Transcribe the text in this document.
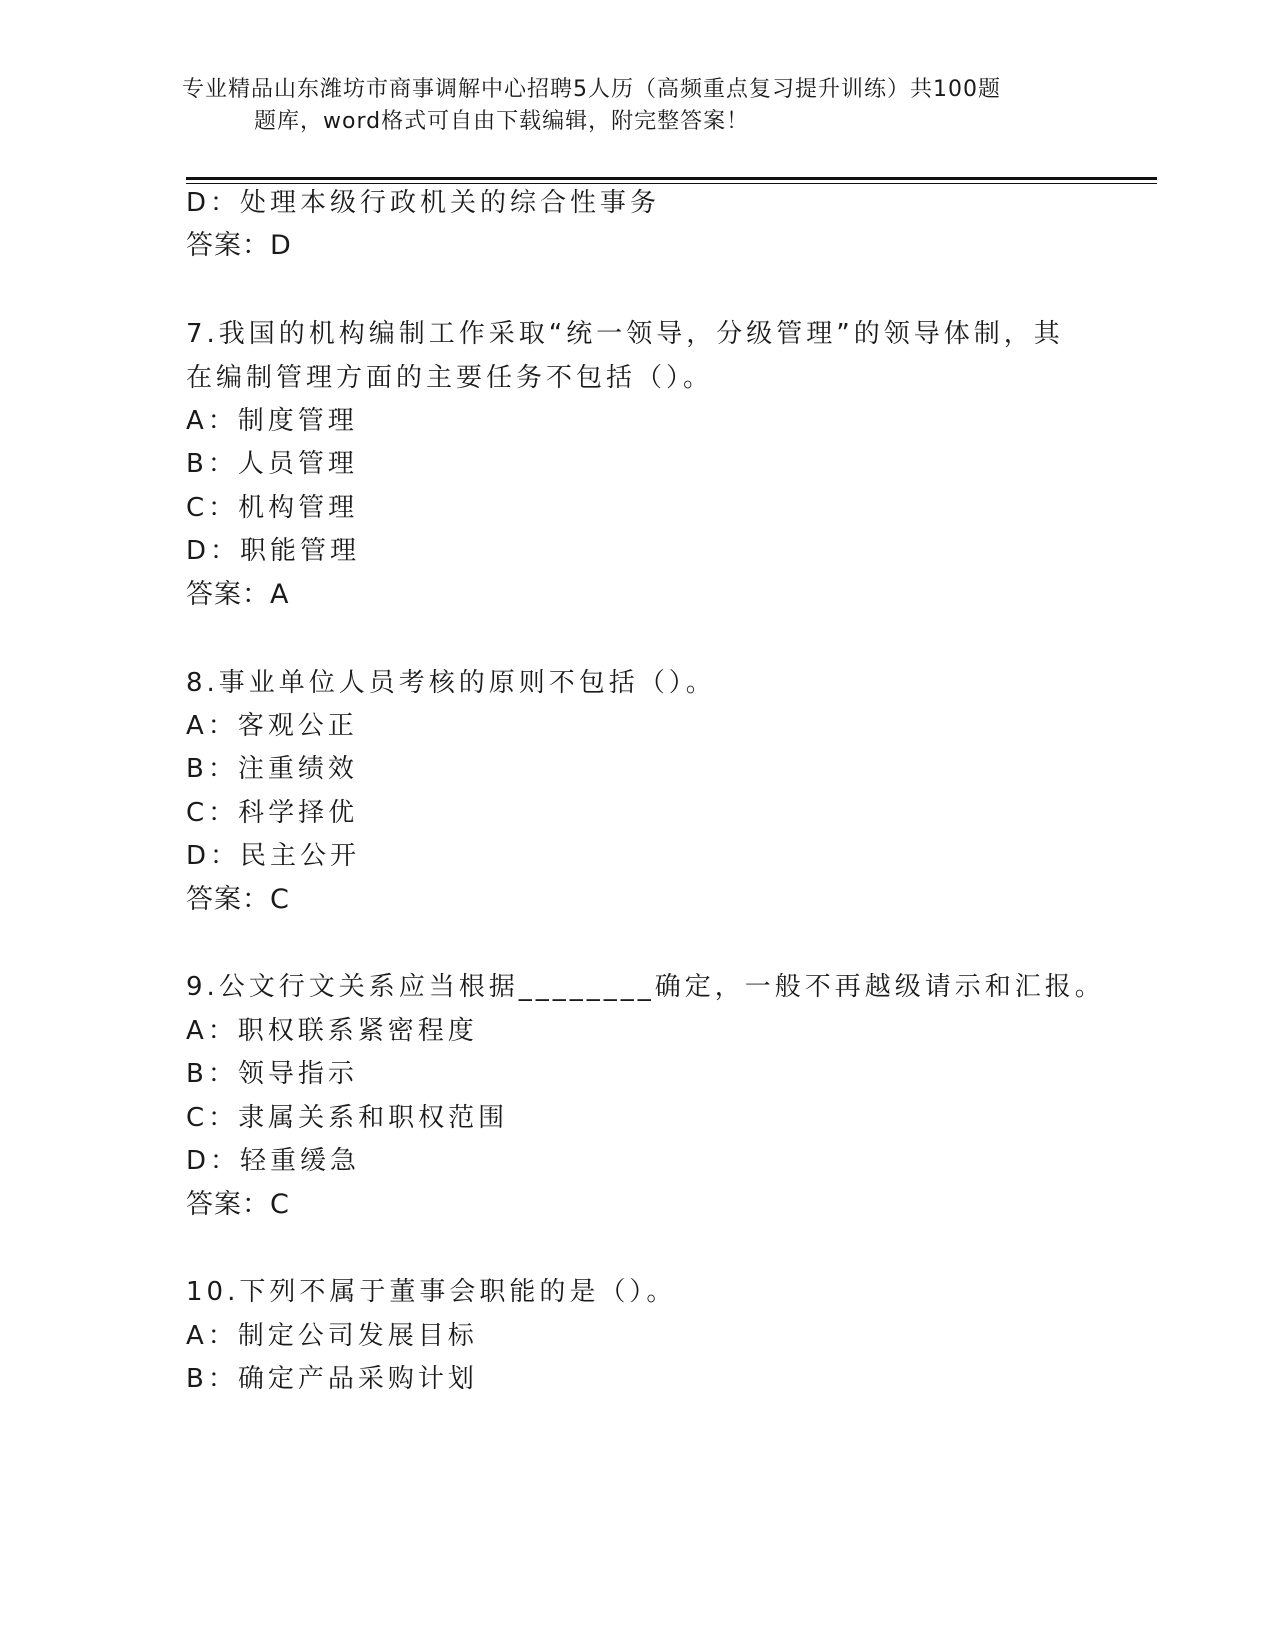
专业精品山东潍坊市商事调解中心招聘5人历（高频重点复习提升训练）共100题
题库，word格式可自由下载编辑，附完整答案！
D：处理本级行政机关的综合性事务
答案：D
7.我国的机构编制工作采取“统一领导，分级管理”的领导体制，其
在编制管理方面的主要任务不包括（）。
A：制度管理
B：人员管理
C：机构管理
D：职能管理
答案：A
8.事业单位人员考核的原则不包括（）。
A：客观公正
B：注重绩效
C：科学择优
D：民主公开
答案：C
9.公文行文关系应当根据________确定，一般不再越级请示和汇报。
A：职权联系紧密程度
B：领导指示
C：隶属关系和职权范围
D：轻重缓急
答案：C
10.下列不属于董事会职能的是（）。
A：制定公司发展目标
B：确定产品采购计划
